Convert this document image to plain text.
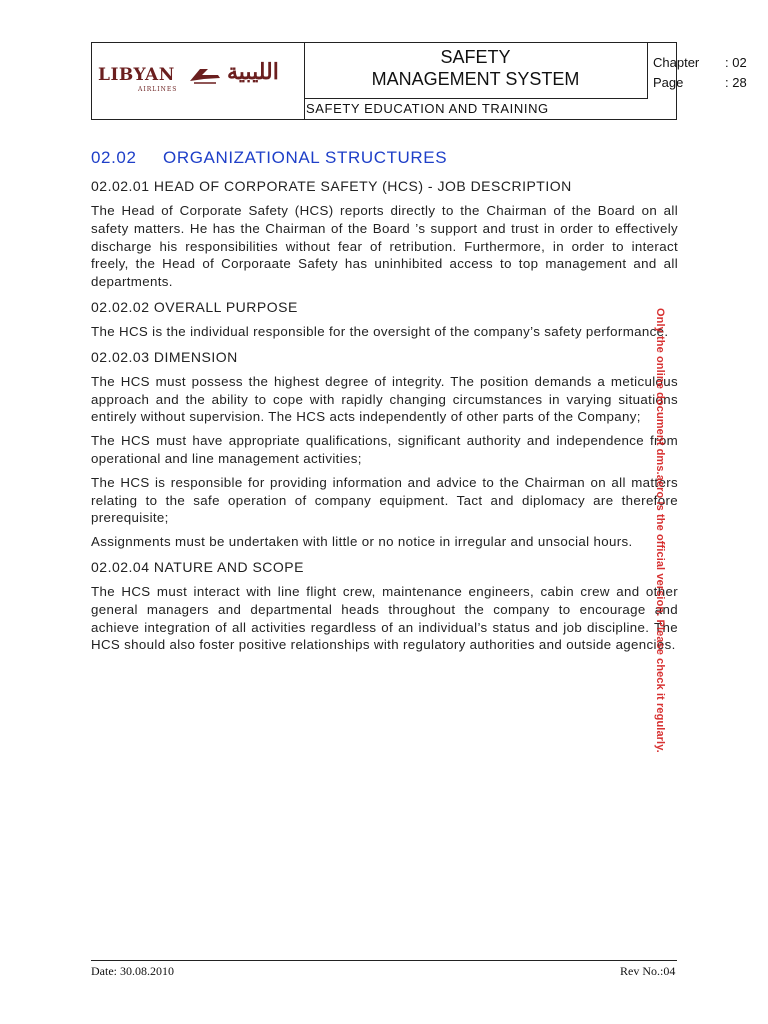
LIBYAN
AIRLINES
الليبية
SAFETY
MANAGEMENT SYSTEM
Chapter : 02
Page	: 28
SAFETY EDUCATION AND TRAINING
02.02 ORGANIZATIONAL STRUCTURES
02.02.01 HEAD OF CORPORATE SAFETY (HCS) - JOB DESCRIPTION

The Head of Corporate Safety (HCS) reports directly to the Chairman of the Board on all safety matters. He has the Chairman of the Board ’s support and trust in order to effectively discharge his responsibilities without fear of retribution. Furthermore, in order to interact freely, the Head of Corporaate Safety has uninhibited access to top management and all departments.

02.02.02 OVERALL PURPOSE

The HCS is the individual responsible for the oversight of the company’s safety performance.

02.02.03 DIMENSION

The HCS must possess the highest degree of integrity. The position demands a meticulous approach and the ability to cope with rapidly changing circumstances in varying situations entirely without supervision. The HCS acts independently of other parts of the Company;

The HCS must have appropriate qualifications, significant authority and independence from operational and line management activities;

The HCS is responsible for providing information and advice to the Chairman on all matters relating to the safe operation of company equipment. Tact and diplomacy are therefore prerequisite;

Assignments must be undertaken with little or no notice in irregular and unsocial hours.

02.02.04 NATURE AND SCOPE

The HCS must interact with line flight crew, maintenance engineers, cabin crew and other general managers and departmental heads throughout the company to encourage and achieve integration of all activities regardless of an individual’s status and job discipline. The HCS should also foster positive relationships with regulatory authorities and outside agencies.

Only the online document dms.aero is the official version. Please check it regularly.
Date: 30.08.2010	Rev No.:04
